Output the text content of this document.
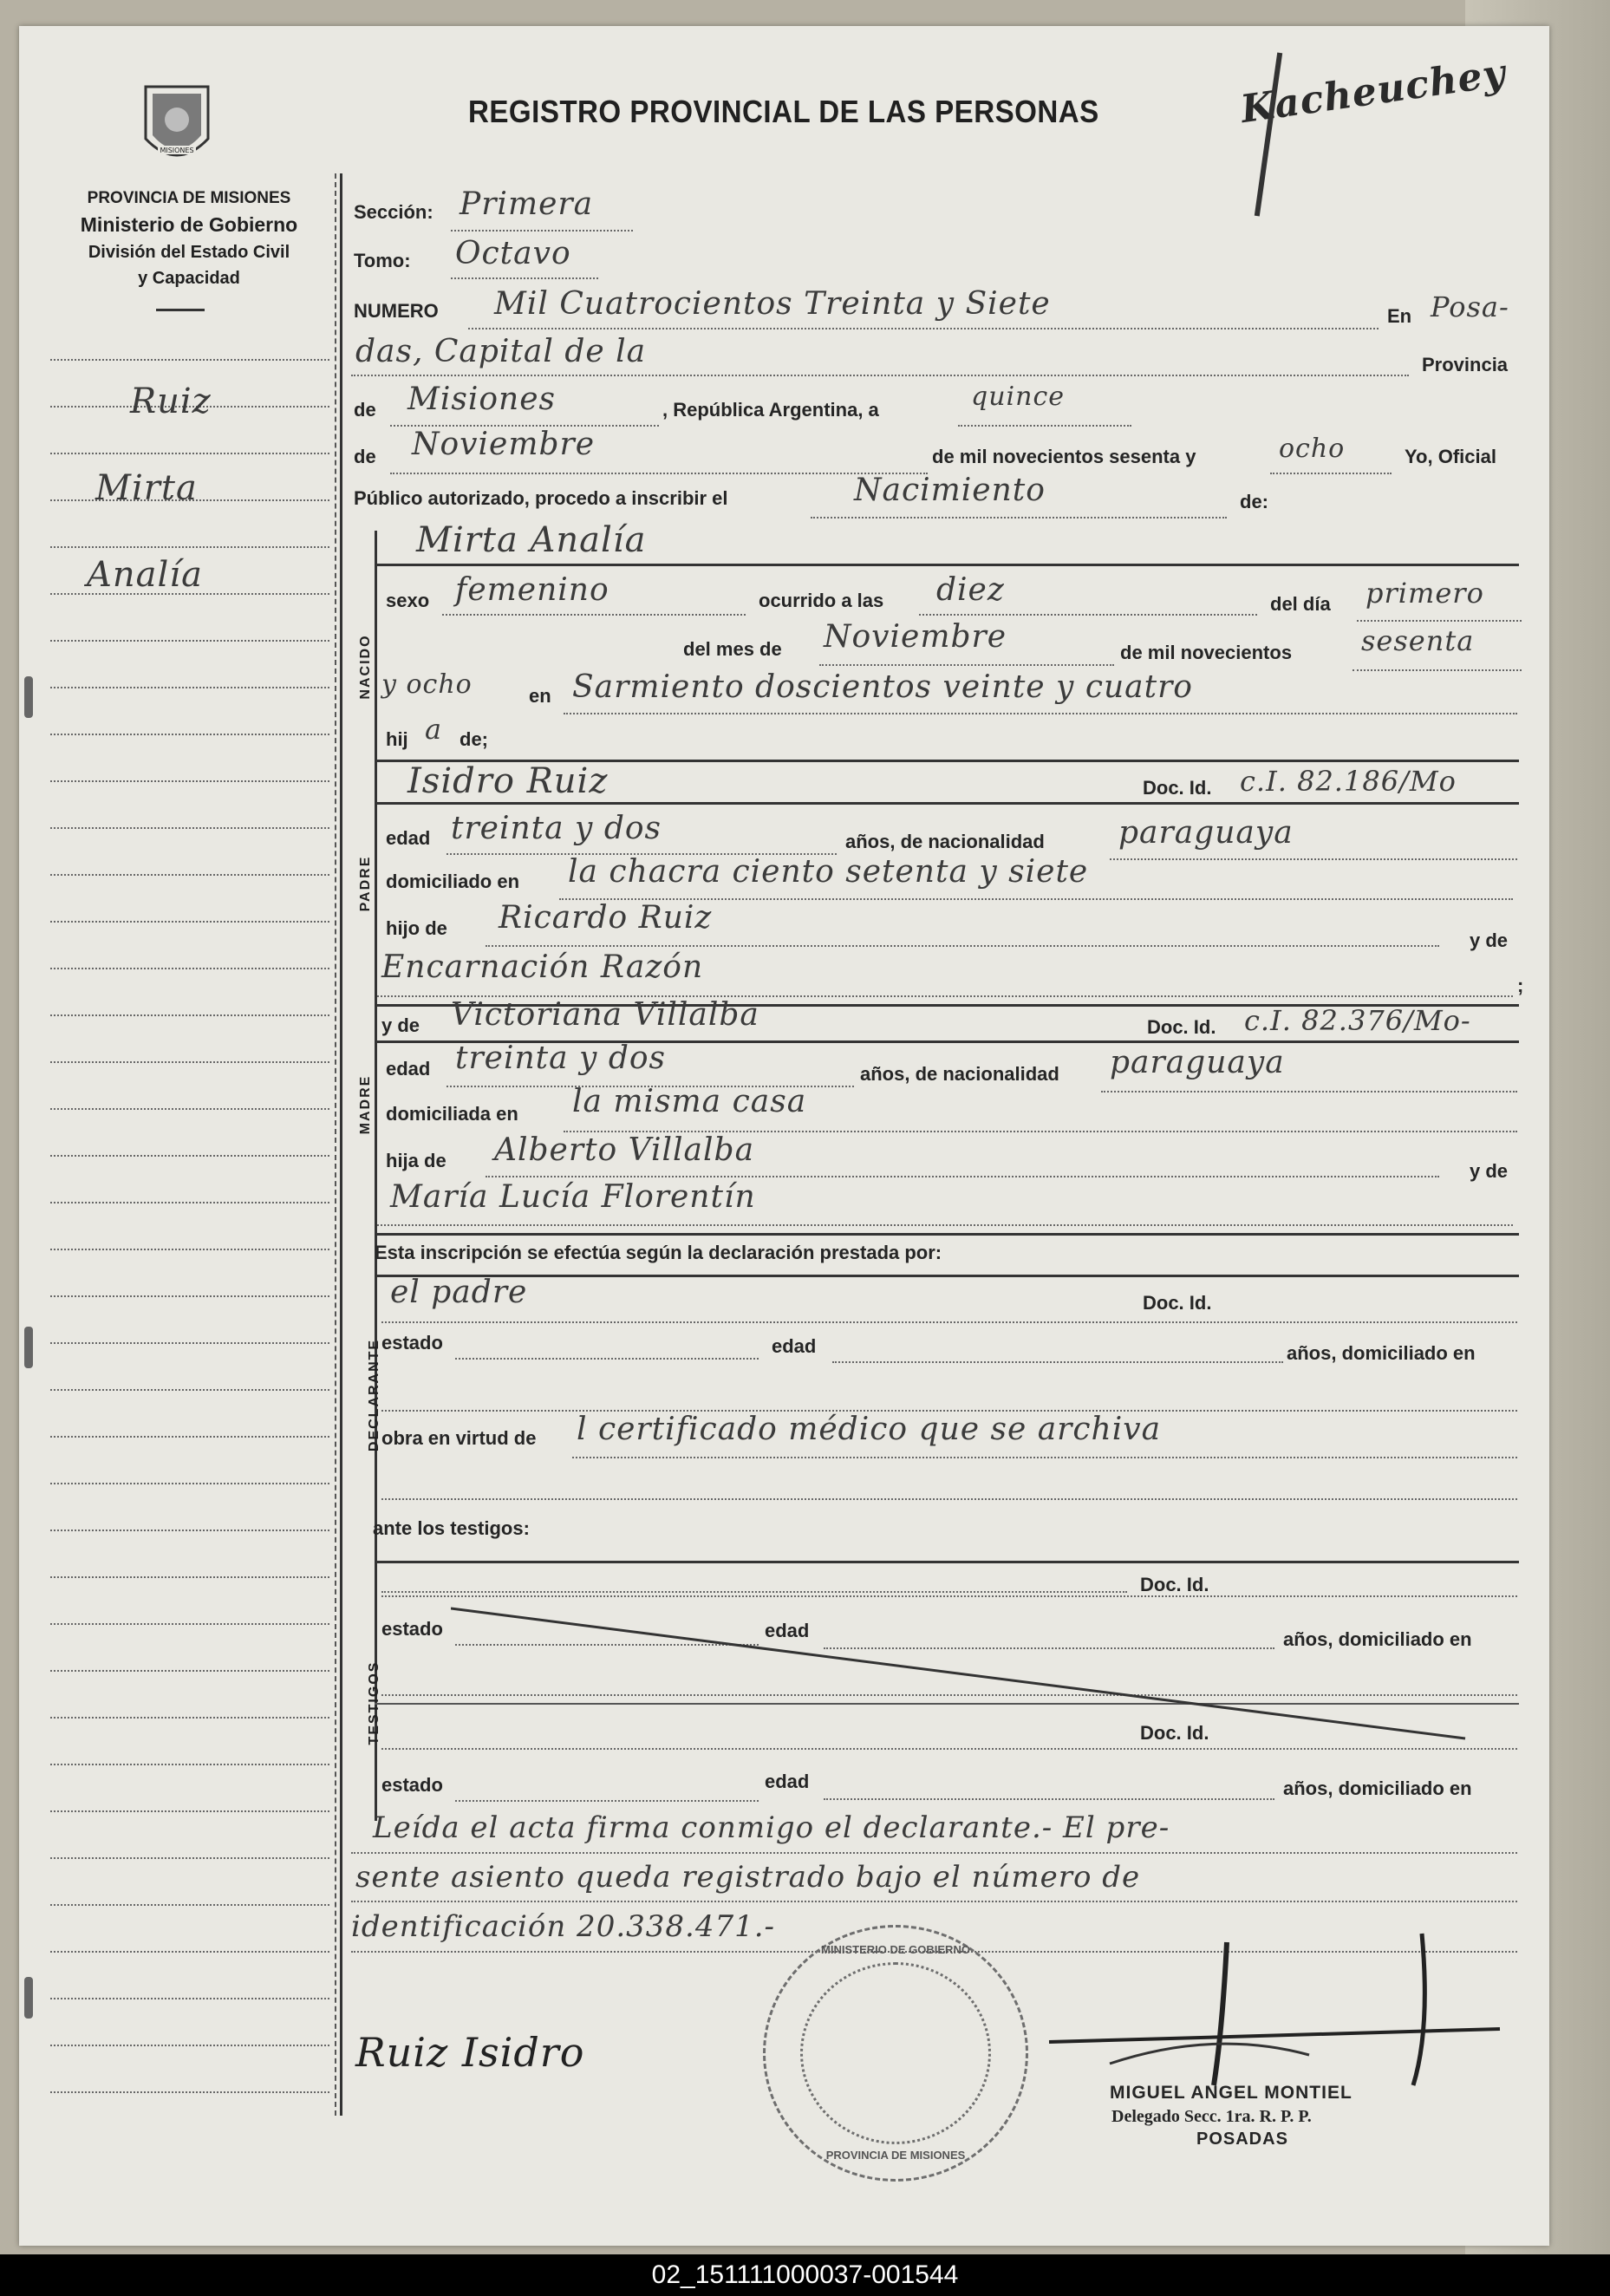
Kacheuchey
REGISTRO PROVINCIAL DE LAS PERSONAS
MISIONES
PROVINCIA DE MISIONES
Ministerio de Gobierno
División del Estado Civil
y Capacidad
Ruiz
Mirta
Analía
Sección: Primera
Tomo: Octavo
NUMERO Mil Cuatrocientos Treinta y Siete	En Posa-
das, Capital de la	Provincia
de Misiones	, República Argentina, a	quince
de Noviembre	de mil novecientos sesenta y	ocho	Yo, Oficial
Público autorizado, procedo a inscribir el	Nacimiento	de:
NACIDO
Mirta Analía
sexo femenino	ocurrido a las diez	del día primero
del mes de Noviembre	de mil novecientos sesenta
y ocho	en Sarmiento doscientos veinte y cuatro
hij a de;
PADRE
Isidro Ruiz	Doc. Id. c.I. 82.186/Mo
edad treinta y dos	años, de nacionalidad paraguaya
domiciliado en la chacra ciento setenta y siete
hijo de Ricardo Ruiz
y de
Encarnación Razón
;
MADRE
y de Victoriana Villalba	Doc. Id. c.I. 82.376/Mo-
edad treinta y dos	años, de nacionalidad paraguaya
domiciliada en la misma casa
hija de Alberto Villalba
y de
María Lucía Florentín
Esta inscripción se efectúa según la declaración prestada por:
DECLARANTE
el padre	Doc. Id.
estado	edad	años, domiciliado en
obra en virtud de l certificado médico que se archiva
ante los testigos:
TESTIGOS
Doc. Id.
estado	edad	años, domiciliado en
Doc. Id.
estado	edad	años, domiciliado en
Leída el acta firma conmigo el declarante.- El pre-
sente asiento queda registrado bajo el número de
identificación 20.338.471.-
MINISTERIO DE GOBIERNO
PROVINCIA DE MISIONES
Ruiz Isidro
MIGUEL ANGEL MONTIEL
Delegado Secc. 1ra. R. P. P.
POSADAS
02_151111000037-001544
